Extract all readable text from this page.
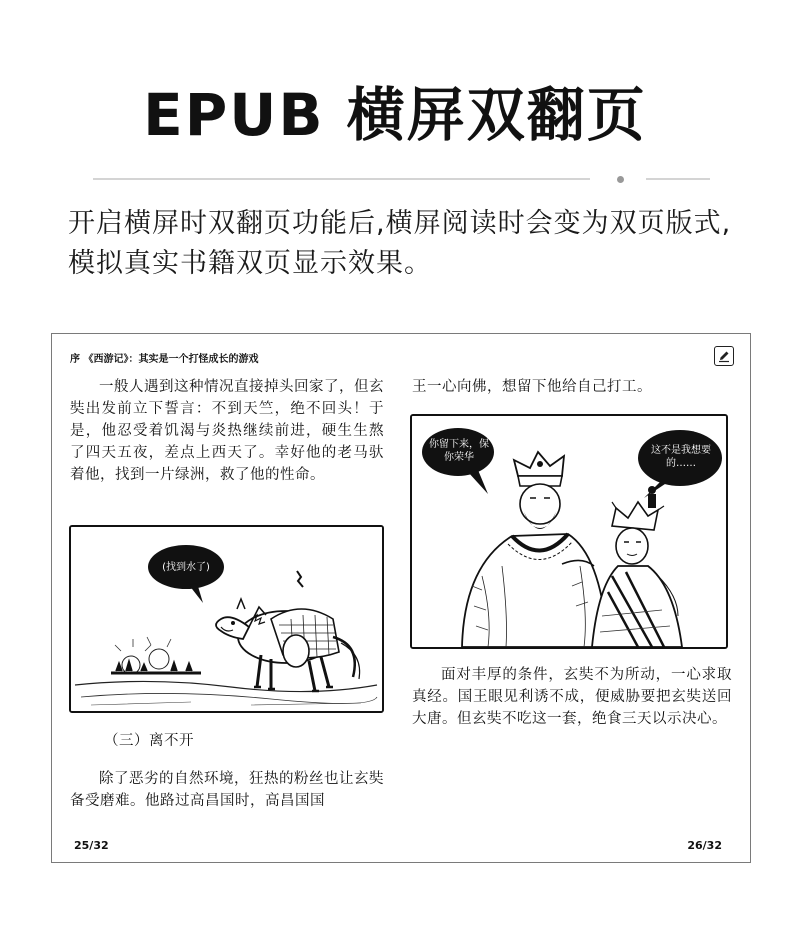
EPUB 横屏双翻页
开启横屏时双翻页功能后,横屏阅读时会变为双页版式,模拟真实书籍双页显示效果。
序 《西游记》：其实是一个打怪成长的游戏
一般人遇到这种情况直接掉头回家了，但玄奘出发前立下誓言：不到天竺，绝不回头！于是，他忍受着饥渴与炎热继续前进，硬生生熬了四天五夜，差点上西天了。幸好他的老马驮着他，找到一片绿洲，救了他的性命。
(找到水了)
（三）离不开
除了恶劣的自然环境，狂热的粉丝也让玄奘备受磨难。他路过高昌国时，高昌国国
25/32
王一心向佛，想留下他给自己打工。
你留下来，保你荣华
这不是我想要的……
面对丰厚的条件，玄奘不为所动，一心求取真经。国王眼见利诱不成，便威胁要把玄奘送回大唐。但玄奘不吃这一套，绝食三天以示决心。
26/32
